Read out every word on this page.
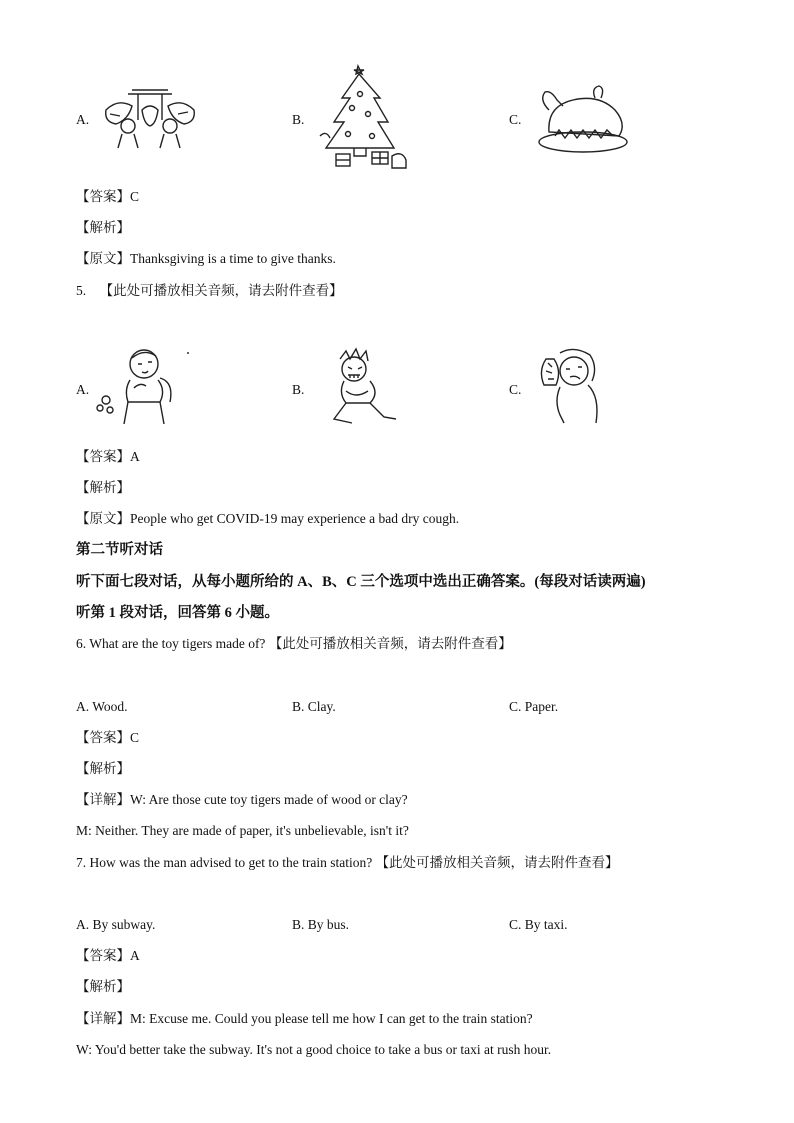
A.	B.	C.
【答案】C
【解析】
【原文】Thanksgiving is a time to give thanks.
5. 【此处可播放相关音频，请去附件查看】
A.	B.	C.
【答案】A
【解析】
【原文】People who get COVID-19 may experience a bad dry cough.
第二节听对话
听下面七段对话，从每小题所给的 A、B、C 三个选项中选出正确答案。(每段对话读两遍)
听第 1 段对话，回答第 6 小题。
6. What are the toy tigers made of? 【此处可播放相关音频，请去附件查看】
A. Wood.	B. Clay.	C. Paper.
【答案】C
【解析】
【详解】W: Are those cute toy tigers made of wood or clay?
M: Neither. They are made of paper, it's unbelievable, isn't it?
7. How was the man advised to get to the train station? 【此处可播放相关音频，请去附件查看】
A. By subway.	B. By bus.	C. By taxi.
【答案】A
【解析】
【详解】M: Excuse me. Could you please tell me how I can get to the train station?
W: You'd better take the subway. It's not a good choice to take a bus or taxi at rush hour.
